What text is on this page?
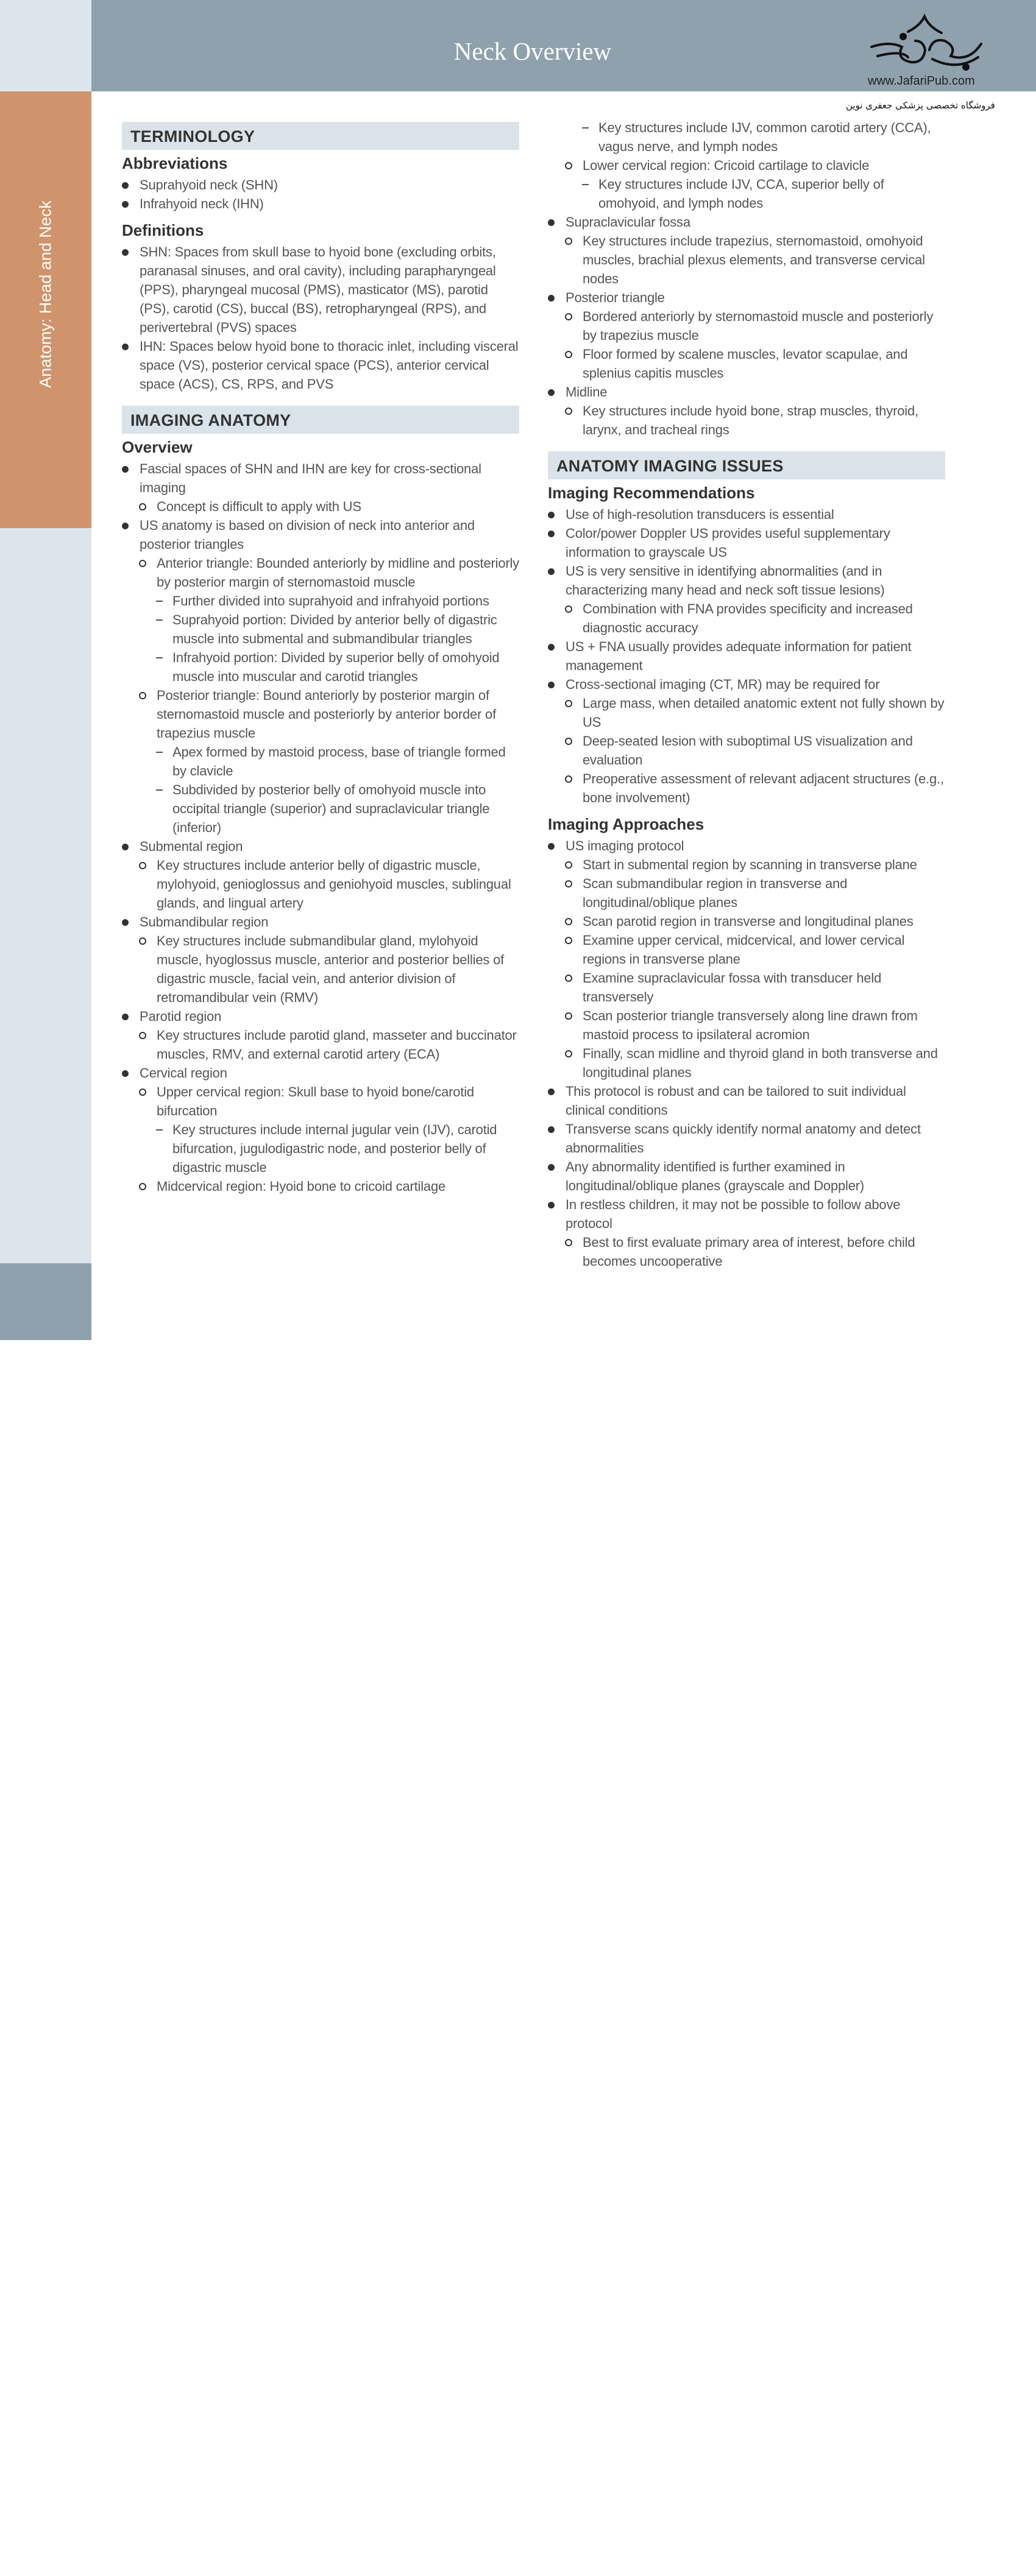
Anatomy: Head and Neck
42
Neck Overview
www.JafariPub.com
فروشگاه تخصصی پزشکی جعفری نوین
TERMINOLOGY
Abbreviations
Suprahyoid neck (SHN)
Infrahyoid neck (IHN)
Definitions
SHN: Spaces from skull base to hyoid bone (excluding orbits, paranasal sinuses, and oral cavity), including parapharyngeal (PPS), pharyngeal mucosal (PMS), masticator (MS), parotid (PS), carotid (CS), buccal (BS), retropharyngeal (RPS), and perivertebral (PVS) spaces
IHN: Spaces below hyoid bone to thoracic inlet, including visceral space (VS), posterior cervical space (PCS), anterior cervical space (ACS), CS, RPS, and PVS
IMAGING ANATOMY
Overview
Fascial spaces of SHN and IHN are key for cross-sectional imaging
Concept is difficult to apply with US
US anatomy is based on division of neck into anterior and posterior triangles
Anterior triangle: Bounded anteriorly by midline and posteriorly by posterior margin of sternomastoid muscle
Further divided into suprahyoid and infrahyoid portions
Suprahyoid portion: Divided by anterior belly of digastric muscle into submental and submandibular triangles
Infrahyoid portion: Divided by superior belly of omohyoid muscle into muscular and carotid triangles
Posterior triangle: Bound anteriorly by posterior margin of sternomastoid muscle and posteriorly by anterior border of trapezius muscle
Apex formed by mastoid process, base of triangle formed by clavicle
Subdivided by posterior belly of omohyoid muscle into occipital triangle (superior) and supraclavicular triangle (inferior)
Submental region
Key structures include anterior belly of digastric muscle, mylohyoid, genioglossus and geniohyoid muscles, sublingual glands, and lingual artery
Submandibular region
Key structures include submandibular gland, mylohyoid muscle, hyoglossus muscle, anterior and posterior bellies of digastric muscle, facial vein, and anterior division of retromandibular vein (RMV)
Parotid region
Key structures include parotid gland, masseter and buccinator muscles, RMV, and external carotid artery (ECA)
Cervical region
Upper cervical region: Skull base to hyoid bone/carotid bifurcation
Key structures include internal jugular vein (IJV), carotid bifurcation, jugulodigastric node, and posterior belly of digastric muscle
Midcervical region: Hyoid bone to cricoid cartilage
Key structures include IJV, common carotid artery (CCA), vagus nerve, and lymph nodes
Lower cervical region: Cricoid cartilage to clavicle
Key structures include IJV, CCA, superior belly of omohyoid, and lymph nodes
Supraclavicular fossa
Key structures include trapezius, sternomastoid, omohyoid muscles, brachial plexus elements, and transverse cervical nodes
Posterior triangle
Bordered anteriorly by sternomastoid muscle and posteriorly by trapezius muscle
Floor formed by scalene muscles, levator scapulae, and splenius capitis muscles
Midline
Key structures include hyoid bone, strap muscles, thyroid, larynx, and tracheal rings
ANATOMY IMAGING ISSUES
Imaging Recommendations
Use of high-resolution transducers is essential
Color/power Doppler US provides useful supplementary information to grayscale US
US is very sensitive in identifying abnormalities (and in characterizing many head and neck soft tissue lesions)
Combination with FNA provides specificity and increased diagnostic accuracy
US + FNA usually provides adequate information for patient management
Cross-sectional imaging (CT, MR) may be required for
Large mass, when detailed anatomic extent not fully shown by US
Deep-seated lesion with suboptimal US visualization and evaluation
Preoperative assessment of relevant adjacent structures (e.g., bone involvement)
Imaging Approaches
US imaging protocol
Start in submental region by scanning in transverse plane
Scan submandibular region in transverse and longitudinal/oblique planes
Scan parotid region in transverse and longitudinal planes
Examine upper cervical, midcervical, and lower cervical regions in transverse plane
Examine supraclavicular fossa with transducer held transversely
Scan posterior triangle transversely along line drawn from mastoid process to ipsilateral acromion
Finally, scan midline and thyroid gland in both transverse and longitudinal planes
This protocol is robust and can be tailored to suit individual clinical conditions
Transverse scans quickly identify normal anatomy and detect abnormalities
Any abnormality identified is further examined in longitudinal/oblique planes (grayscale and Doppler)
In restless children, it may not be possible to follow above protocol
Best to first evaluate primary area of interest, before child becomes uncooperative
